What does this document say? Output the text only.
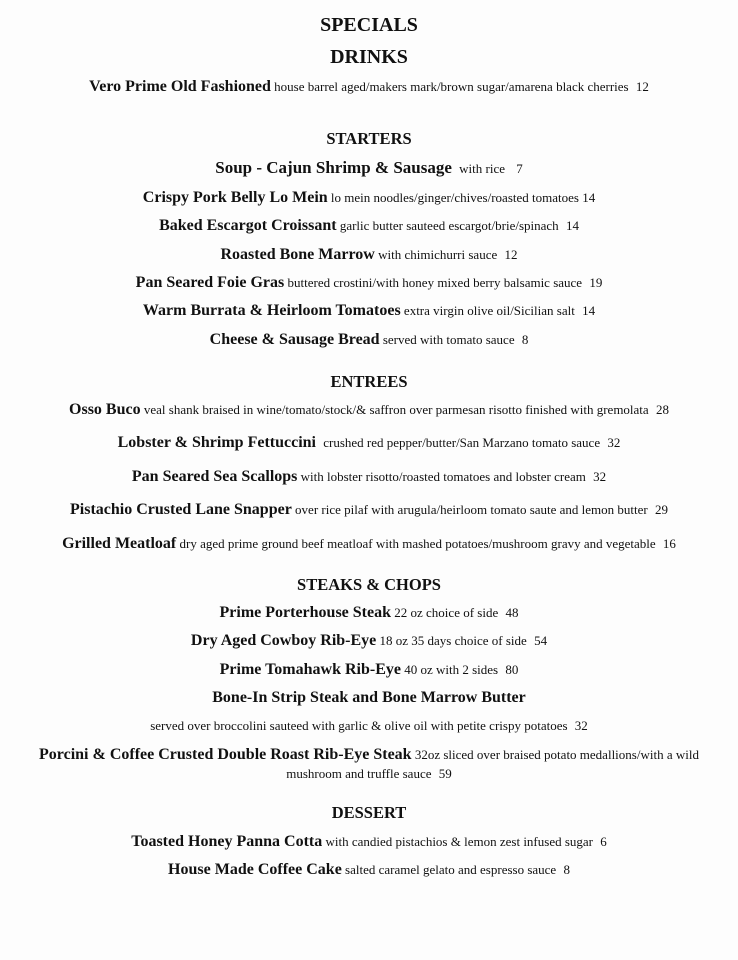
SPECIALS
DRINKS
Vero Prime Old Fashioned house barrel aged/makers mark/brown sugar/amarena black cherries 12
STARTERS
Soup - Cajun Shrimp & Sausage with rice 7
Crispy Pork Belly Lo Mein lo mein noodles/ginger/chives/roasted tomatoes 14
Baked Escargot Croissant garlic butter sauteed escargot/brie/spinach 14
Roasted Bone Marrow with chimichurri sauce 12
Pan Seared Foie Gras buttered crostini/with honey mixed berry balsamic sauce 19
Warm Burrata & Heirloom Tomatoes extra virgin olive oil/Sicilian salt 14
Cheese & Sausage Bread served with tomato sauce 8
ENTREES
Osso Buco veal shank braised in wine/tomato/stock/& saffron over parmesan risotto finished with gremolata 28
Lobster & Shrimp Fettuccini crushed red pepper/butter/San Marzano tomato sauce 32
Pan Seared Sea Scallops with lobster risotto/roasted tomatoes and lobster cream 32
Pistachio Crusted Lane Snapper over rice pilaf with arugula/heirloom tomato saute and lemon butter 29
Grilled Meatloaf dry aged prime ground beef meatloaf with mashed potatoes/mushroom gravy and vegetable 16
STEAKS & CHOPS
Prime Porterhouse Steak 22 oz choice of side 48
Dry Aged Cowboy Rib-Eye 18 oz 35 days choice of side 54
Prime Tomahawk Rib-Eye 40 oz with 2 sides 80
Bone-In Strip Steak and Bone Marrow Butter
served over broccolini sauteed with garlic & olive oil with petite crispy potatoes 32
Porcini & Coffee Crusted Double Roast Rib-Eye Steak 32oz sliced over braised potato medallions/with a wild mushroom and truffle sauce 59
DESSERT
Toasted Honey Panna Cotta with candied pistachios & lemon zest infused sugar 6
House Made Coffee Cake salted caramel gelato and espresso sauce 8
